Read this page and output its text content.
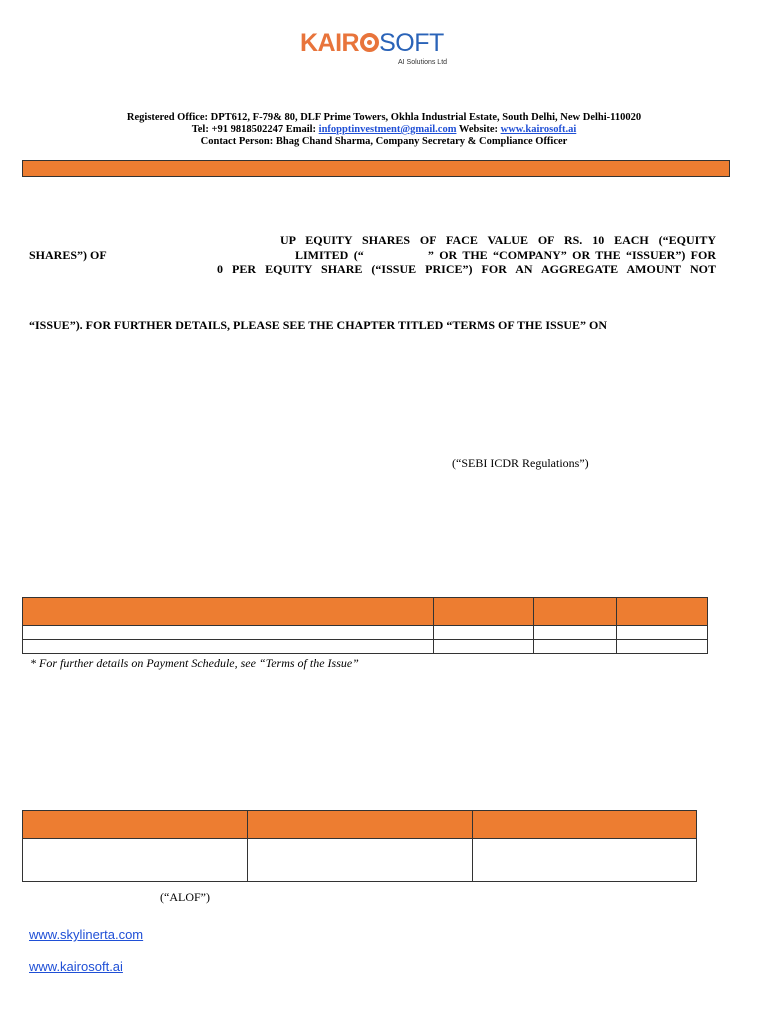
KAIR SOFT
AI Solutions Ltd
Registered Office: DPT612, F-79& 80, DLF Prime Towers, Okhla Industrial Estate, South Delhi, New Delhi-110020
Tel: +91 9818502247 Email: infopptinvestment@gmail.com Website: www.kairosoft.ai
Contact Person: Bhag Chand Sharma, Company Secretary & Compliance Officer
UP EQUITY SHARES OF FACE VALUE OF RS. 10 EACH (“EQUITY
SHARES”) OF	LIMITED (“            ” OR THE “COMPANY” OR THE “ISSUER”) FOR
0 PER EQUITY SHARE (“ISSUE PRICE”) FOR AN AGGREGATE AMOUNT NOT
“ISSUE”). FOR FURTHER DETAILS, PLEASE SEE THE CHAPTER TITLED “TERMS OF THE ISSUE” ON
(“SEBI ICDR Regulations”)

* For further details on Payment Schedule, see “Terms of the Issue”

(“ALOF”)
www.skylinerta.com
www.kairosoft.ai
